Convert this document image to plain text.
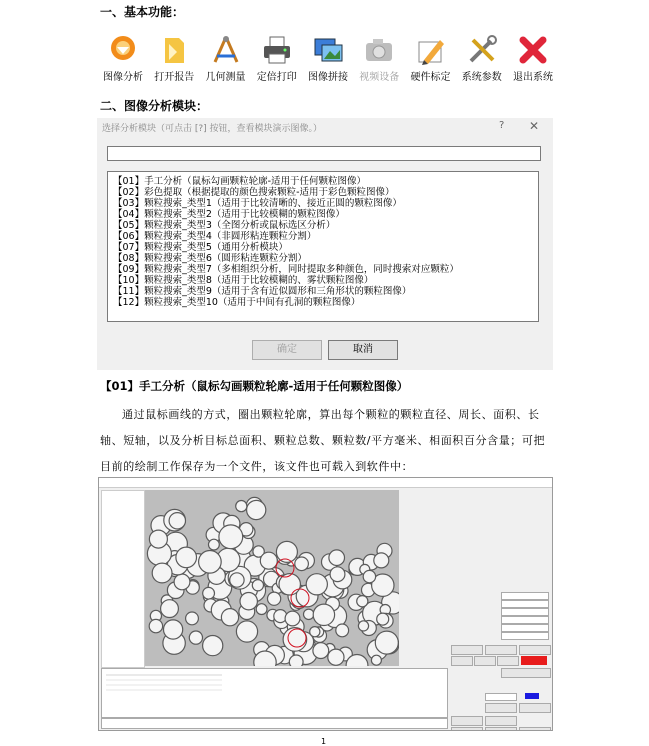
一、基本功能：
图像分析 打开报告 几何测量 定倍打印 图像拼接 视频设备 硬件标定 系统参数 退出系统
二、图像分析模块：
选择分析模块（可点击 [?] 按钮，查看模块演示图像。）	? ✕
【01】手工分析（鼠标勾画颗粒轮廓-适用于任何颗粒图像）
【02】彩色提取（根据提取的颜色搜索颗粒-适用于彩色颗粒图像）
【03】颗粒搜索_类型1（适用于比较清晰的、接近正圆的颗粒图像）
【04】颗粒搜索_类型2（适用于比较模糊的颗粒图像）
【05】颗粒搜索_类型3（全图分析或鼠标选区分析）
【06】颗粒搜索_类型4（非圆形粘连颗粒分割）
【07】颗粒搜索_类型5（通用分析模块）
【08】颗粒搜索_类型6（圆形粘连颗粒分割）
【09】颗粒搜索_类型7（多相组织分析，同时提取多种颜色，同时搜索对应颗粒）
【10】颗粒搜索_类型8（适用于比较模糊的、雾状颗粒图像）
【11】颗粒搜索_类型9（适用于含有近似圆形和三角形状的颗粒图像）
【12】颗粒搜索_类型10（适用于中间有孔洞的颗粒图像）
确定	取消
【01】手工分析（鼠标勾画颗粒轮廓-适用于任何颗粒图像）

通过鼠标画线的方式，圈出颗粒轮廓，算出每个颗粒的颗粒直径、周长、面积、长轴、短轴，以及分析目标总面积、颗粒总数、颗粒数/平方毫米、相面积百分含量；可把目前的绘制工作保存为一个文件，该文件也可载入到软件中：

1
